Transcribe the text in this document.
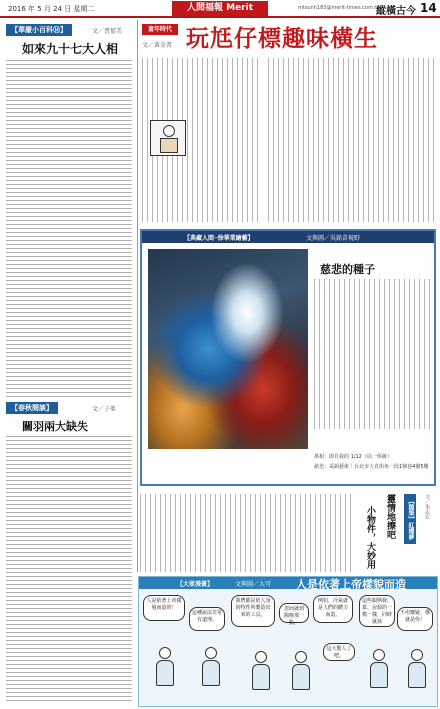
2016 年 5 月 24 日 星期二	人間福報 Merit Times
mtsunh183@merit-times.com.tw
縱橫古今 14
【華嚴小百科⑭】	文／曹郁美
如來九十七大人相
【春秋閱談】	文／子峯
關羽兩大缺失
童年時代
文／黃金菁 玩尪仔標趣味橫生
【典藏人間─徐華業繪藝】	文與圖／吳銘苗視野
慈悲的種子
萬相：即自我的 1/12（局一休級）
慈悲：采韻藝術｜台北市大直街角一段1號巷4號5樓
靈情地擦吧
小物件，大妙用	【隨筆】紅樓夢	文／朱志宏
【大眾漫畫】	文與圖／大可 人是依著上帝樣貌而造
人是依著上帝樣貌而造的！
這種說法非常有道理。
我們都是依人身的特性所製造出來的工具。
忽而就到醫療那一點，
例如，冷氣就是人們的體力而造。
這大驚人了吧。
這些跟開發、蓋、房源的一模一樣，同時就該
不用懷疑，佛就是你！
